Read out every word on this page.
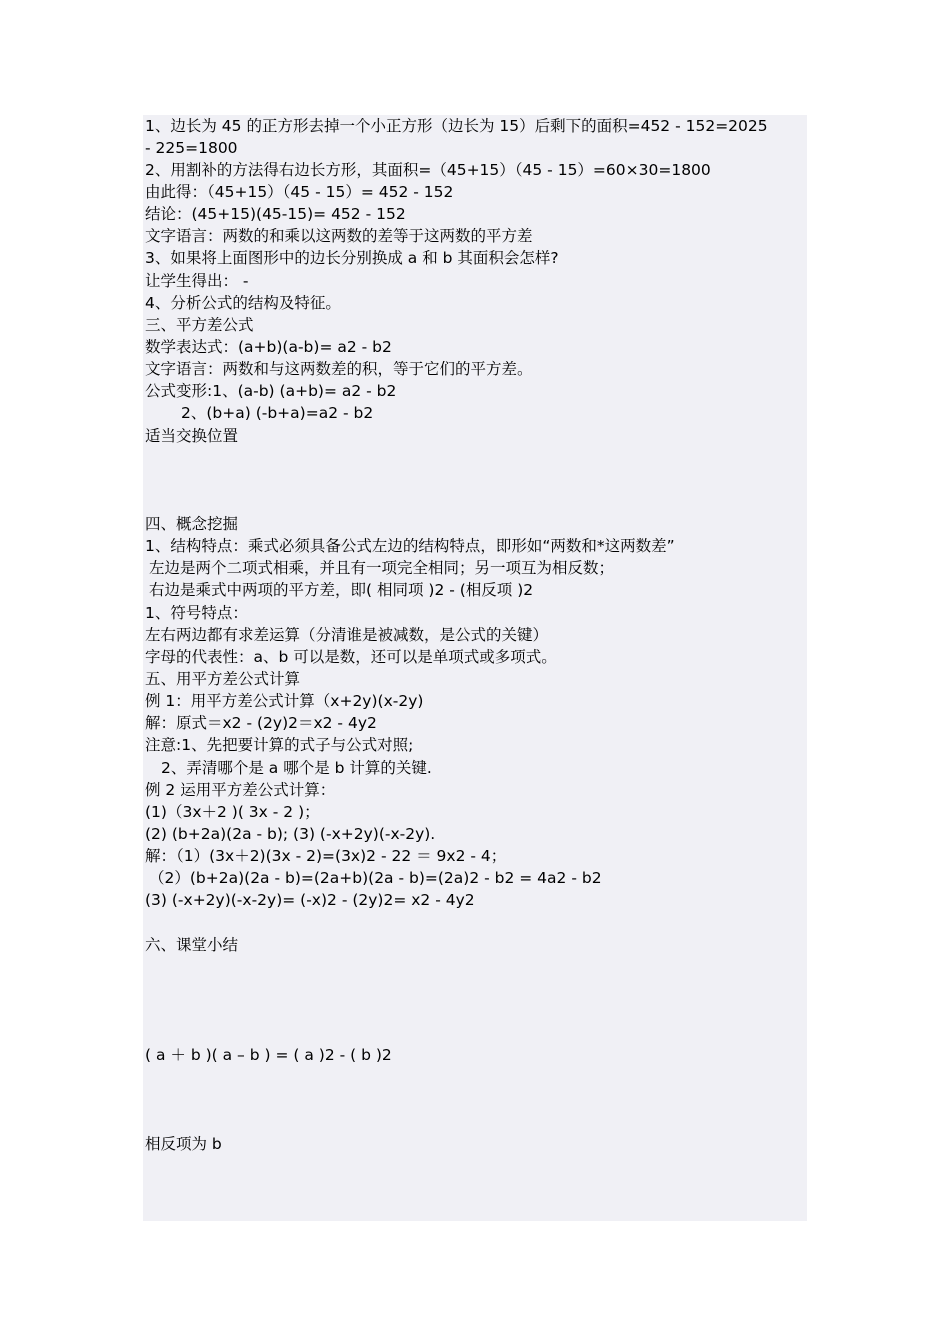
1、边长为 45 的正方形去掉一个小正方形（边长为 15）后剩下的面积=452 - 152=2025
- 225=1800
2、用割补的方法得右边长方形，其面积=（45+15）（45 - 15）=60×30=1800
由此得：（45+15）（45 - 15）= 452 - 152
结论：(45+15)(45-15)= 452 - 152
文字语言：两数的和乘以这两数的差等于这两数的平方差
3、如果将上面图形中的边长分别换成 a 和 b 其面积会怎样?
让学生得出： -
4、分析公式的结构及特征。
三、平方差公式
数学表达式：(a+b)(a-b)= a2 - b2
文字语言：两数和与这两数差的积，等于它们的平方差。
公式变形:1、(a-b) (a+b)= a2 - b2
2、(b+a) (-b+a)=a2 - b2
适当交换位置
四、概念挖掘
1、结构特点：乘式必须具备公式左边的结构特点，即形如“两数和*这两数差”
左边是两个二项式相乘，并且有一项完全相同；另一项互为相反数；
右边是乘式中两项的平方差，即( 相同项 )2 - (相反项 )2
1、符号特点：
左右两边都有求差运算（分清谁是被减数，是公式的关键）
字母的代表性：a、b 可以是数，还可以是单项式或多项式。
五、用平方差公式计算
例 1：用平方差公式计算（x+2y)(x-2y)
解：原式＝x2 - (2y)2＝x2 - 4y2
注意:1、先把要计算的式子与公式对照;
2、弄清哪个是 a 哪个是 b 计算的关键.
例 2 运用平方差公式计算：
(1)（3x＋2 )( 3x - 2 )；
(2) (b+2a)(2a - b); (3) (-x+2y)(-x-2y).
解：（1）(3x＋2)(3x - 2)=(3x)2 - 22 ＝ 9x2 - 4；
（2）(b+2a)(2a - b)=(2a+b)(2a - b)=(2a)2 - b2 = 4a2 - b2
(3) (-x+2y)(-x-2y)= (-x)2 - (2y)2= x2 - 4y2
六、课堂小结
( a ＋ b )( a – b ) = ( a )2 - ( b )2
相反项为 b
